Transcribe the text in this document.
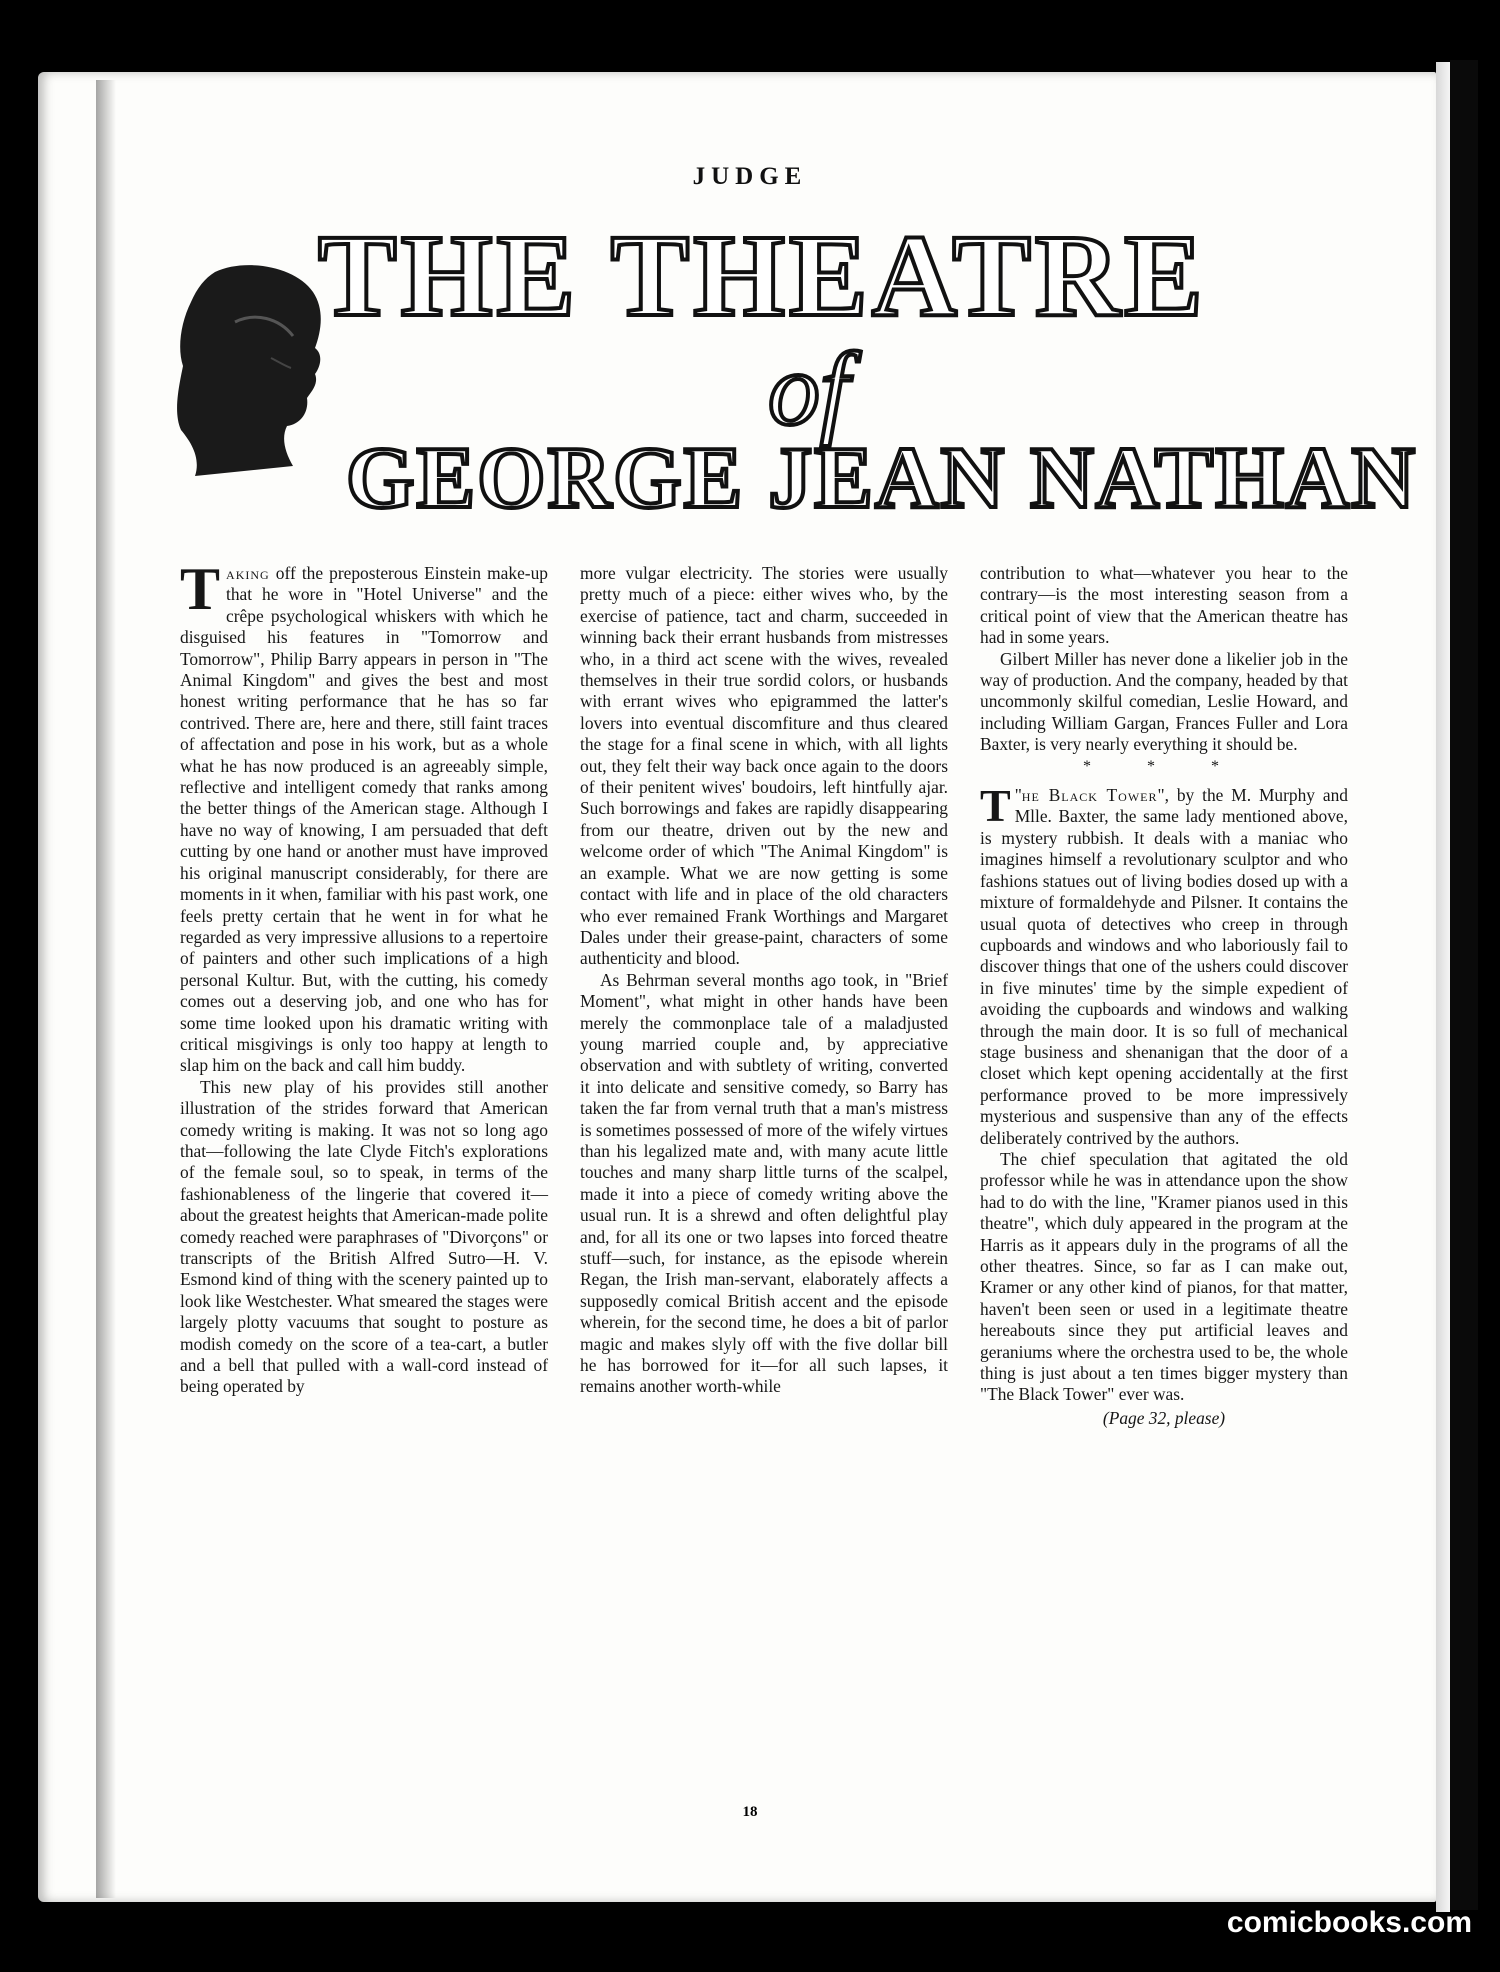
JUDGE
THE THEATRE
of
GEORGE JEAN NATHAN

Taking off the preposterous Einstein make-up that he wore in "Hotel Universe" and the crêpe psychological whiskers with which he disguised his features in "Tomorrow and Tomorrow", Philip Barry appears in person in "The Animal Kingdom" and gives the best and most honest writing performance that he has so far contrived. There are, here and there, still faint traces of affectation and pose in his work, but as a whole what he has now produced is an agreeably simple, reflective and intelligent comedy that ranks among the better things of the American stage. Although I have no way of knowing, I am persuaded that deft cutting by one hand or another must have improved his original manuscript considerably, for there are moments in it when, familiar with his past work, one feels pretty certain that he went in for what he regarded as very impressive allusions to a repertoire of painters and other such implications of a high personal Kultur. But, with the cutting, his comedy comes out a deserving job, and one who has for some time looked upon his dramatic writing with critical misgivings is only too happy at length to slap him on the back and call him buddy.

This new play of his provides still another illustration of the strides forward that American comedy writing is making. It was not so long ago that—following the late Clyde Fitch's explorations of the female soul, so to speak, in terms of the fashionableness of the lingerie that covered it—about the greatest heights that American-made polite comedy reached were paraphrases of "Divorçons" or transcripts of the British Alfred Sutro—H. V. Esmond kind of thing with the scenery painted up to look like Westchester. What smeared the stages were largely plotty vacuums that sought to posture as modish comedy on the score of a tea-cart, a butler and a bell that pulled with a wall-cord instead of being operated by

more vulgar electricity. The stories were usually pretty much of a piece: either wives who, by the exercise of patience, tact and charm, succeeded in winning back their errant husbands from mistresses who, in a third act scene with the wives, revealed themselves in their true sordid colors, or husbands with errant wives who epigrammed the latter's lovers into eventual discomfiture and thus cleared the stage for a final scene in which, with all lights out, they felt their way back once again to the doors of their penitent wives' boudoirs, left hintfully ajar. Such borrowings and fakes are rapidly disappearing from our theatre, driven out by the new and welcome order of which "The Animal Kingdom" is an example. What we are now getting is some contact with life and in place of the old characters who ever remained Frank Worthings and Margaret Dales under their grease-paint, characters of some authenticity and blood.

As Behrman several months ago took, in "Brief Moment", what might in other hands have been merely the commonplace tale of a maladjusted young married couple and, by appreciative observation and with subtlety of writing, converted it into delicate and sensitive comedy, so Barry has taken the far from vernal truth that a man's mistress is sometimes possessed of more of the wifely virtues than his legalized mate and, with many acute little touches and many sharp little turns of the scalpel, made it into a piece of comedy writing above the usual run. It is a shrewd and often delightful play and, for all its one or two lapses into forced theatre stuff—such, for instance, as the episode wherein Regan, the Irish man-servant, elaborately affects a supposedly comical British accent and the episode wherein, for the second time, he does a bit of parlor magic and makes slyly off with the five dollar bill he has borrowed for it—for all such lapses, it remains another worth-while

contribution to what—whatever you hear to the contrary—is the most interesting season from a critical point of view that the American theatre has had in some years.

Gilbert Miller has never done a likelier job in the way of production. And the company, headed by that uncommonly skilful comedian, Leslie Howard, and including William Gargan, Frances Fuller and Lora Baxter, is very nearly everything it should be.

* * *

"
T he Black Tower", by the M. Murphy and Mlle. Baxter, the same lady mentioned above, is mystery rubbish. It deals with a maniac who imagines himself a revolutionary sculptor and who fashions statues out of living bodies dosed up with a mixture of formaldehyde and Pilsner. It contains the usual quota of detectives who creep in through cupboards and windows and who laboriously fail to discover things that one of the ushers could discover in five minutes' time by the simple expedient of avoiding the cupboards and windows and walking through the main door. It is so full of mechanical stage business and shenanigan that the door of a closet which kept opening accidentally at the first performance proved to be more impressively mysterious and suspensive than any of the effects deliberately contrived by the authors.

The chief speculation that agitated the old professor while he was in attendance upon the show had to do with the line, "Kramer pianos used in this theatre", which duly appeared in the program at the Harris as it appears duly in the programs of all the other theatres. Since, so far as I can make out, Kramer or any other kind of pianos, for that matter, haven't been seen or used in a legitimate theatre hereabouts since they put artificial leaves and geraniums where the orchestra used to be, the whole thing is just about a ten times bigger mystery than "The Black Tower" ever was.

(Page 32, please)
18
comicbooks.com
